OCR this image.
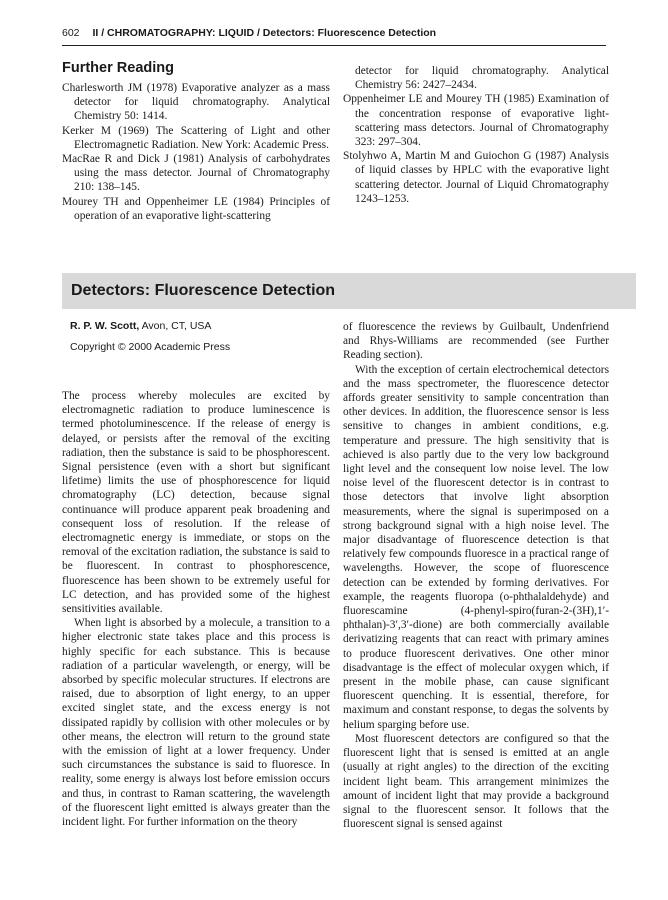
602 II / CHROMATOGRAPHY: LIQUID / Detectors: Fluorescence Detection
Further Reading

Charlesworth JM (1978) Evaporative analyzer as a mass detector for liquid chromatography. Analytical Chemistry 50: 1414.

Kerker M (1969) The Scattering of Light and other Electromagnetic Radiation. New York: Academic Press.

MacRae R and Dick J (1981) Analysis of carbohydrates using the mass detector. Journal of Chromatography 210: 138–145.

Mourey TH and Oppenheimer LE (1984) Principles of operation of an evaporative light-scattering

detector for liquid chromatography. Analytical Chemistry 56: 2427–2434.

Oppenheimer LE and Mourey TH (1985) Examination of the concentration response of evaporative light-scattering mass detectors. Journal of Chromatography 323: 297–304.

Stolyhwo A, Martin M and Guiochon G (1987) Analysis of liquid classes by HPLC with the evaporative light scattering detector. Journal of Liquid Chromatography 1243–1253.

Detectors: Fluorescence Detection
R. P. W. Scott, Avon, CT, USA
Copyright © 2000 Academic Press

The process whereby molecules are excited by electromagnetic radiation to produce luminescence is termed photoluminescence. If the release of energy is delayed, or persists after the removal of the exciting radiation, then the substance is said to be phosphorescent. Signal persistence (even with a short but significant lifetime) limits the use of phosphorescence for liquid chromatography (LC) detection, because signal continuance will produce apparent peak broadening and consequent loss of resolution. If the release of electromagnetic energy is immediate, or stops on the removal of the excitation radiation, the substance is said to be fluorescent. In contrast to phosphorescence, fluorescence has been shown to be extremely useful for LC detection, and has provided some of the highest sensitivities available.

When light is absorbed by a molecule, a transition to a higher electronic state takes place and this process is highly specific for each substance. This is because radiation of a particular wavelength, or energy, will be absorbed by specific molecular structures. If electrons are raised, due to absorption of light energy, to an upper excited singlet state, and the excess energy is not dissipated rapidly by collision with other molecules or by other means, the electron will return to the ground state with the emission of light at a lower frequency. Under such circumstances the substance is said to fluoresce. In reality, some energy is always lost before emission occurs and thus, in contrast to Raman scattering, the wavelength of the fluorescent light emitted is always greater than the incident light. For further information on the theory

of fluorescence the reviews by Guilbault, Undenfriend and Rhys-Williams are recommended (see Further Reading section).

With the exception of certain electrochemical detectors and the mass spectrometer, the fluorescence detector affords greater sensitivity to sample concentration than other devices. In addition, the fluorescence sensor is less sensitive to changes in ambient conditions, e.g. temperature and pressure. The high sensitivity that is achieved is also partly due to the very low background light level and the consequent low noise level. The low noise level of the fluorescent detector is in contrast to those detectors that involve light absorption measurements, where the signal is superimposed on a strong background signal with a high noise level. The major disadvantage of fluorescence detection is that relatively few compounds fluoresce in a practical range of wavelengths. However, the scope of fluorescence detection can be extended by forming derivatives. For example, the reagents fluoropa (o-phthalaldehyde) and fluorescamine (4-phenyl-spiro(furan-2-(3H),1′-phthalan)-3′,3′-dione) are both commercially available derivatizing reagents that can react with primary amines to produce fluorescent derivatives. One other minor disadvantage is the effect of molecular oxygen which, if present in the mobile phase, can cause significant fluorescent quenching. It is essential, therefore, for maximum and constant response, to degas the solvents by helium sparging before use.

Most fluorescent detectors are configured so that the fluorescent light that is sensed is emitted at an angle (usually at right angles) to the direction of the exciting incident light beam. This arrangement minimizes the amount of incident light that may provide a background signal to the fluorescent sensor. It follows that the fluorescent signal is sensed against
